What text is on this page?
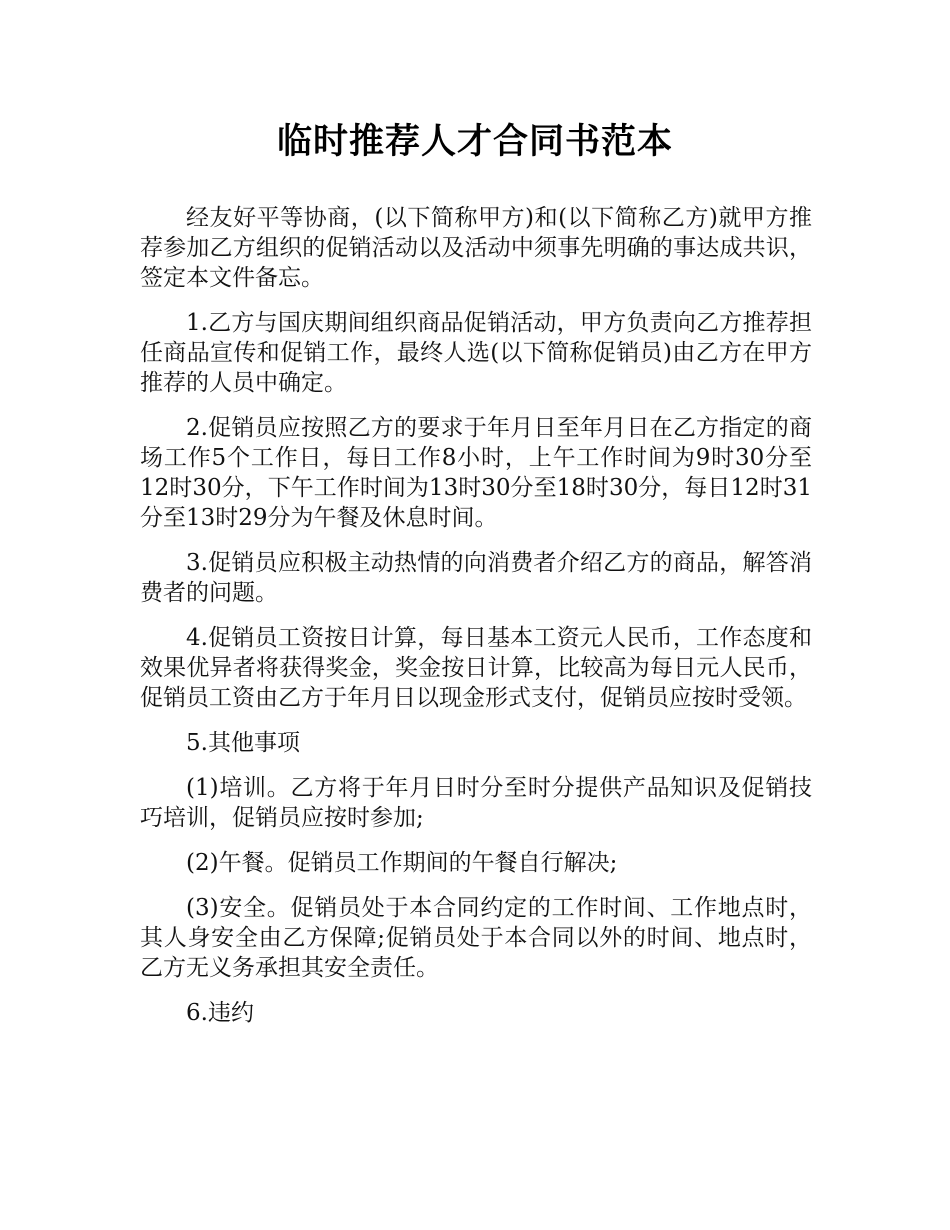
临时推荐人才合同书范本

经友好平等协商，(以下简称甲方)和(以下简称乙方)就甲方推荐参加乙方组织的促销活动以及活动中须事先明确的事达成共识，签定本文件备忘。

1.乙方与国庆期间组织商品促销活动，甲方负责向乙方推荐担任商品宣传和促销工作，最终人选(以下简称促销员)由乙方在甲方推荐的人员中确定。

2.促销员应按照乙方的要求于年月日至年月日在乙方指定的商场工作5个工作日，每日工作8小时，上午工作时间为9时30分至12时30分，下午工作时间为13时30分至18时30分，每日12时31分至13时29分为午餐及休息时间。

3.促销员应积极主动热情的向消费者介绍乙方的商品，解答消费者的问题。

4.促销员工资按日计算，每日基本工资元人民币，工作态度和效果优异者将获得奖金，奖金按日计算，比较高为每日元人民币，促销员工资由乙方于年月日以现金形式支付，促销员应按时受领。

5.其他事项

(1)培训。乙方将于年月日时分至时分提供产品知识及促销技巧培训，促销员应按时参加;

(2)午餐。促销员工作期间的午餐自行解决;

(3)安全。促销员处于本合同约定的工作时间、工作地点时，其人身安全由乙方保障;促销员处于本合同以外的时间、地点时，乙方无义务承担其安全责任。

6.违约
